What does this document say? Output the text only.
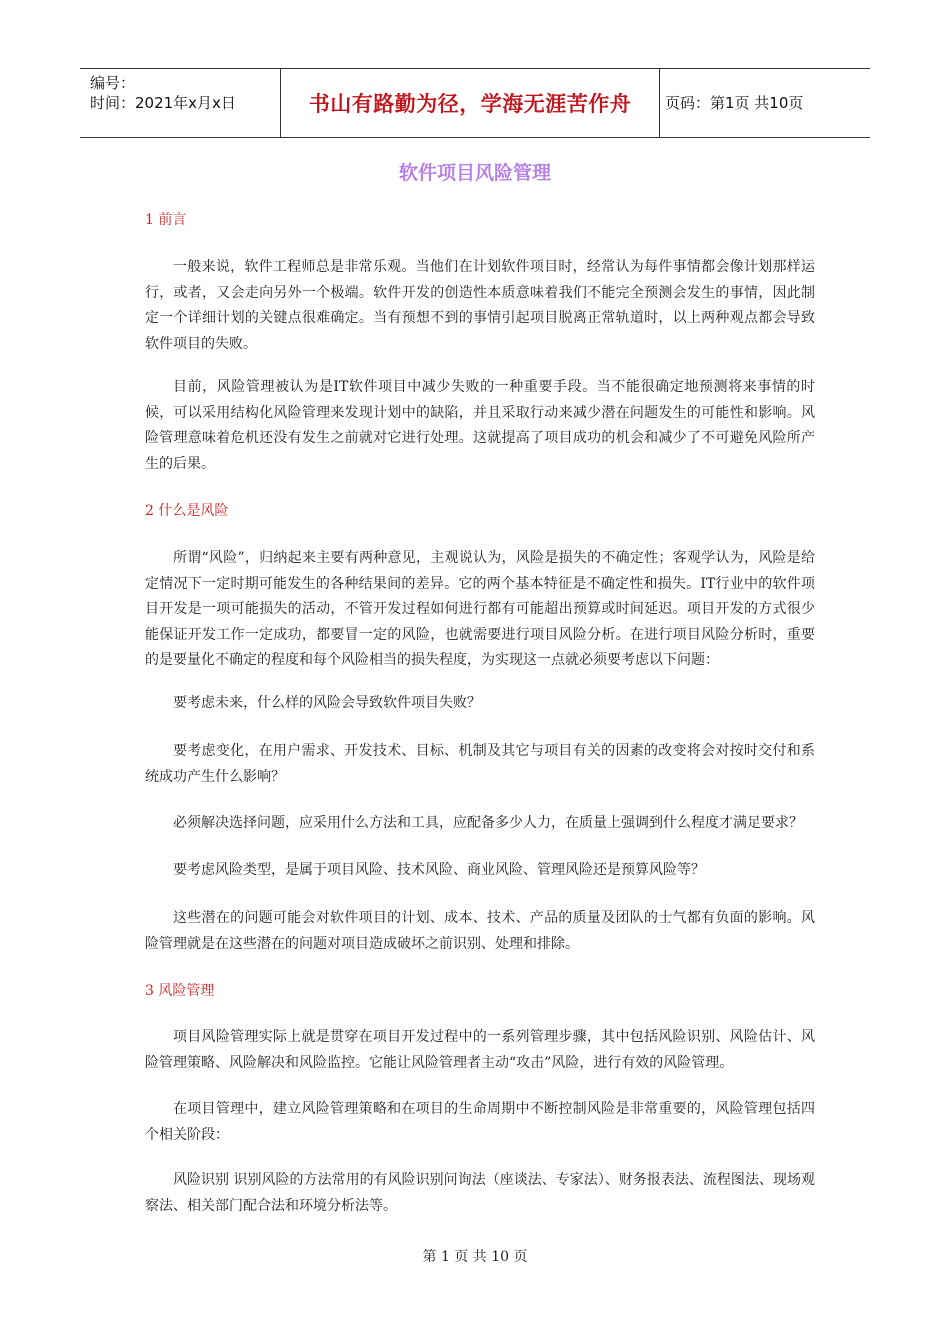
编号：
时间：2021年x月x日	书山有路勤为径，学海无涯苦作舟 页码：第1页 共10页
软件项目风险管理
1 前言
一般来说，软件工程师总是非常乐观。当他们在计划软件项目时，经常认为每件事情都会像计划那样运行，或者，又会走向另外一个极端。软件开发的创造性本质意味着我们不能完全预测会发生的事情，因此制定一个详细计划的关键点很难确定。当有预想不到的事情引起项目脱离正常轨道时，以上两种观点都会导致软件项目的失败。
目前，风险管理被认为是IT软件项目中减少失败的一种重要手段。当不能很确定地预测将来事情的时候，可以采用结构化风险管理来发现计划中的缺陷，并且采取行动来减少潜在问题发生的可能性和影响。风险管理意味着危机还没有发生之前就对它进行处理。这就提高了项目成功的机会和减少了不可避免风险所产生的后果。
2 什么是风险
所谓“风险”，归纳起来主要有两种意见，主观说认为，风险是损失的不确定性；客观学认为，风险是给定情况下一定时期可能发生的各种结果间的差异。它的两个基本特征是不确定性和损失。IT行业中的软件项目开发是一项可能损失的活动，不管开发过程如何进行都有可能超出预算或时间延迟。项目开发的方式很少能保证开发工作一定成功，都要冒一定的风险，也就需要进行项目风险分析。在进行项目风险分析时，重要的是要量化不确定的程度和每个风险相当的损失程度，为实现这一点就必须要考虑以下问题：
要考虑未来，什么样的风险会导致软件项目失败？
要考虑变化，在用户需求、开发技术、目标、机制及其它与项目有关的因素的改变将会对按时交付和系统成功产生什么影响？
必须解决选择问题，应采用什么方法和工具，应配备多少人力，在质量上强调到什么程度才满足要求？
要考虑风险类型，是属于项目风险、技术风险、商业风险、管理风险还是预算风险等？
这些潜在的问题可能会对软件项目的计划、成本、技术、产品的质量及团队的士气都有负面的影响。风险管理就是在这些潜在的问题对项目造成破坏之前识别、处理和排除。
3 风险管理
项目风险管理实际上就是贯穿在项目开发过程中的一系列管理步骤，其中包括风险识别、风险估计、风险管理策略、风险解决和风险监控。它能让风险管理者主动“攻击”风险，进行有效的风险管理。
在项目管理中，建立风险管理策略和在项目的生命周期中不断控制风险是非常重要的，风险管理包括四个相关阶段：
风险识别 识别风险的方法常用的有风险识别问询法（座谈法、专家法）、财务报表法、流程图法、现场观察法、相关部门配合法和环境分析法等。
第 1 页 共 10 页
